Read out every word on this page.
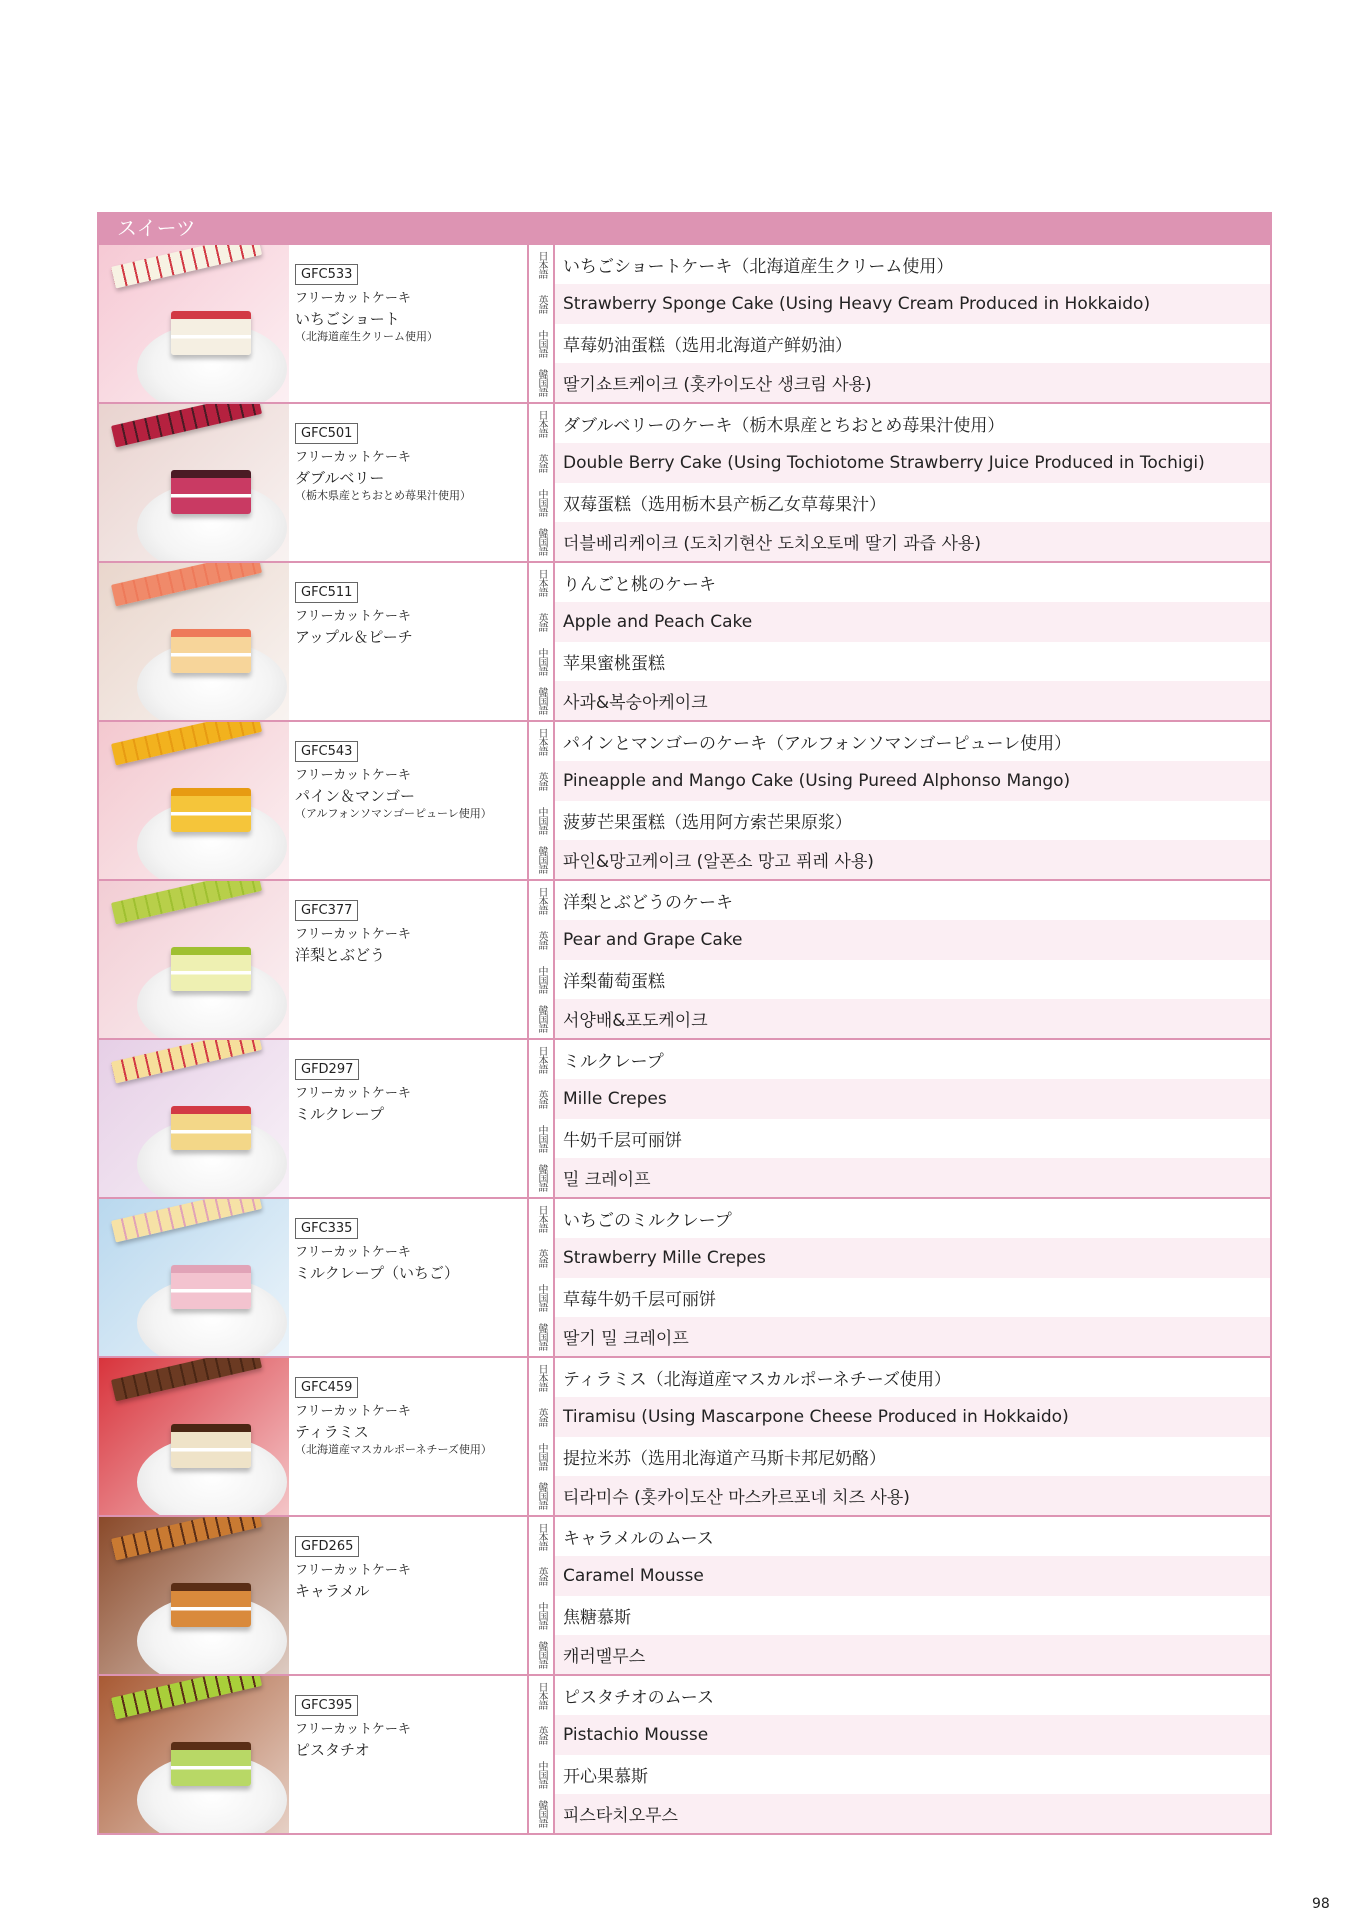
スイーツ
GFC533
フリーカットケーキ
いちごショート
（北海道産生クリーム使用）
日本語 いちごショートケーキ（北海道産生クリーム使用）
英語 Strawberry Sponge Cake (Using Heavy Cream Produced in Hokkaido)
中国語 草莓奶油蛋糕（选用北海道产鲜奶油）
韓国語 딸기쇼트케이크 (홋카이도산 생크림 사용)
GFC501
フリーカットケーキ
ダブルベリー
（栃木県産とちおとめ苺果汁使用）
日本語 ダブルベリーのケーキ（栃木県産とちおとめ苺果汁使用）
英語 Double Berry Cake (Using Tochiotome Strawberry Juice Produced in Tochigi)
中国語 双莓蛋糕（选用栃木县产栃乙女草莓果汁）
韓国語 더블베리케이크 (도치기현산 도치오토메 딸기 과즙 사용)
GFC511
フリーカットケーキ
アップル＆ピーチ
日本語 りんごと桃のケーキ
英語 Apple and Peach Cake
中国語 苹果蜜桃蛋糕
韓国語 사과&복숭아케이크
GFC543
フリーカットケーキ
パイン＆マンゴー
（アルフォンソマンゴーピューレ使用）
日本語 パインとマンゴーのケーキ（アルフォンソマンゴーピューレ使用）
英語 Pineapple and Mango Cake (Using Pureed Alphonso Mango)
中国語 菠萝芒果蛋糕（选用阿方索芒果原浆）
韓国語 파인&망고케이크 (알폰소 망고 퓌레 사용)
GFC377
フリーカットケーキ
洋梨とぶどう
日本語 洋梨とぶどうのケーキ
英語 Pear and Grape Cake
中国語 洋梨葡萄蛋糕
韓国語 서양배&포도케이크
GFD297
フリーカットケーキ
ミルクレープ
日本語 ミルクレープ
英語 Mille Crepes
中国語 牛奶千层可丽饼
韓国語 밀 크레이프
GFC335
フリーカットケーキ
ミルクレープ（いちご）
日本語 いちごのミルクレープ
英語 Strawberry Mille Crepes
中国語 草莓牛奶千层可丽饼
韓国語 딸기 밀 크레이프
GFC459
フリーカットケーキ
ティラミス
（北海道産マスカルポーネチーズ使用）
日本語 ティラミス（北海道産マスカルポーネチーズ使用）
英語 Tiramisu (Using Mascarpone Cheese Produced in Hokkaido)
中国語 提拉米苏（选用北海道产马斯卡邦尼奶酪）
韓国語 티라미수 (홋카이도산 마스카르포네 치즈 사용)
GFD265
フリーカットケーキ
キャラメル
日本語 キャラメルのムース
英語 Caramel Mousse
中国語 焦糖慕斯
韓国語 캐러멜무스
GFC395
フリーカットケーキ
ピスタチオ
日本語 ピスタチオのムース
英語 Pistachio Mousse
中国語 开心果慕斯
韓国語 피스타치오무스
98
